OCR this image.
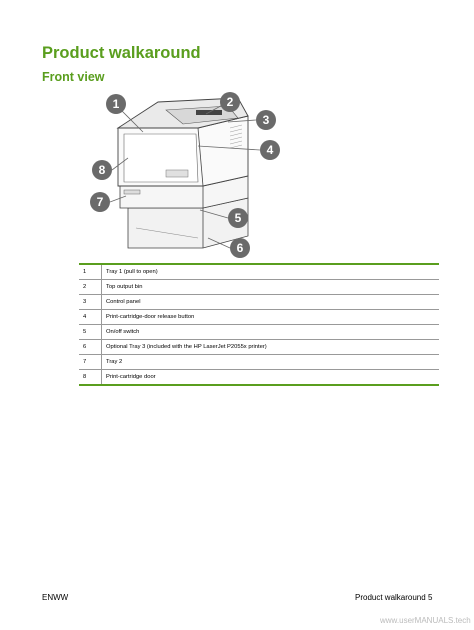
Product walkaround
Front view
1	2
3
4
5
6
7
8
1	Tray 1 (pull to open)
2	Top output bin
3	Control panel
4	Print-cartridge-door release button
5	On/off switch
6	Optional Tray 3 (included with the HP LaserJet P2055x printer)
7	Tray 2
8	Print-cartridge door
ENWW	Product walkaround 5
www.userMANUALS.tech
